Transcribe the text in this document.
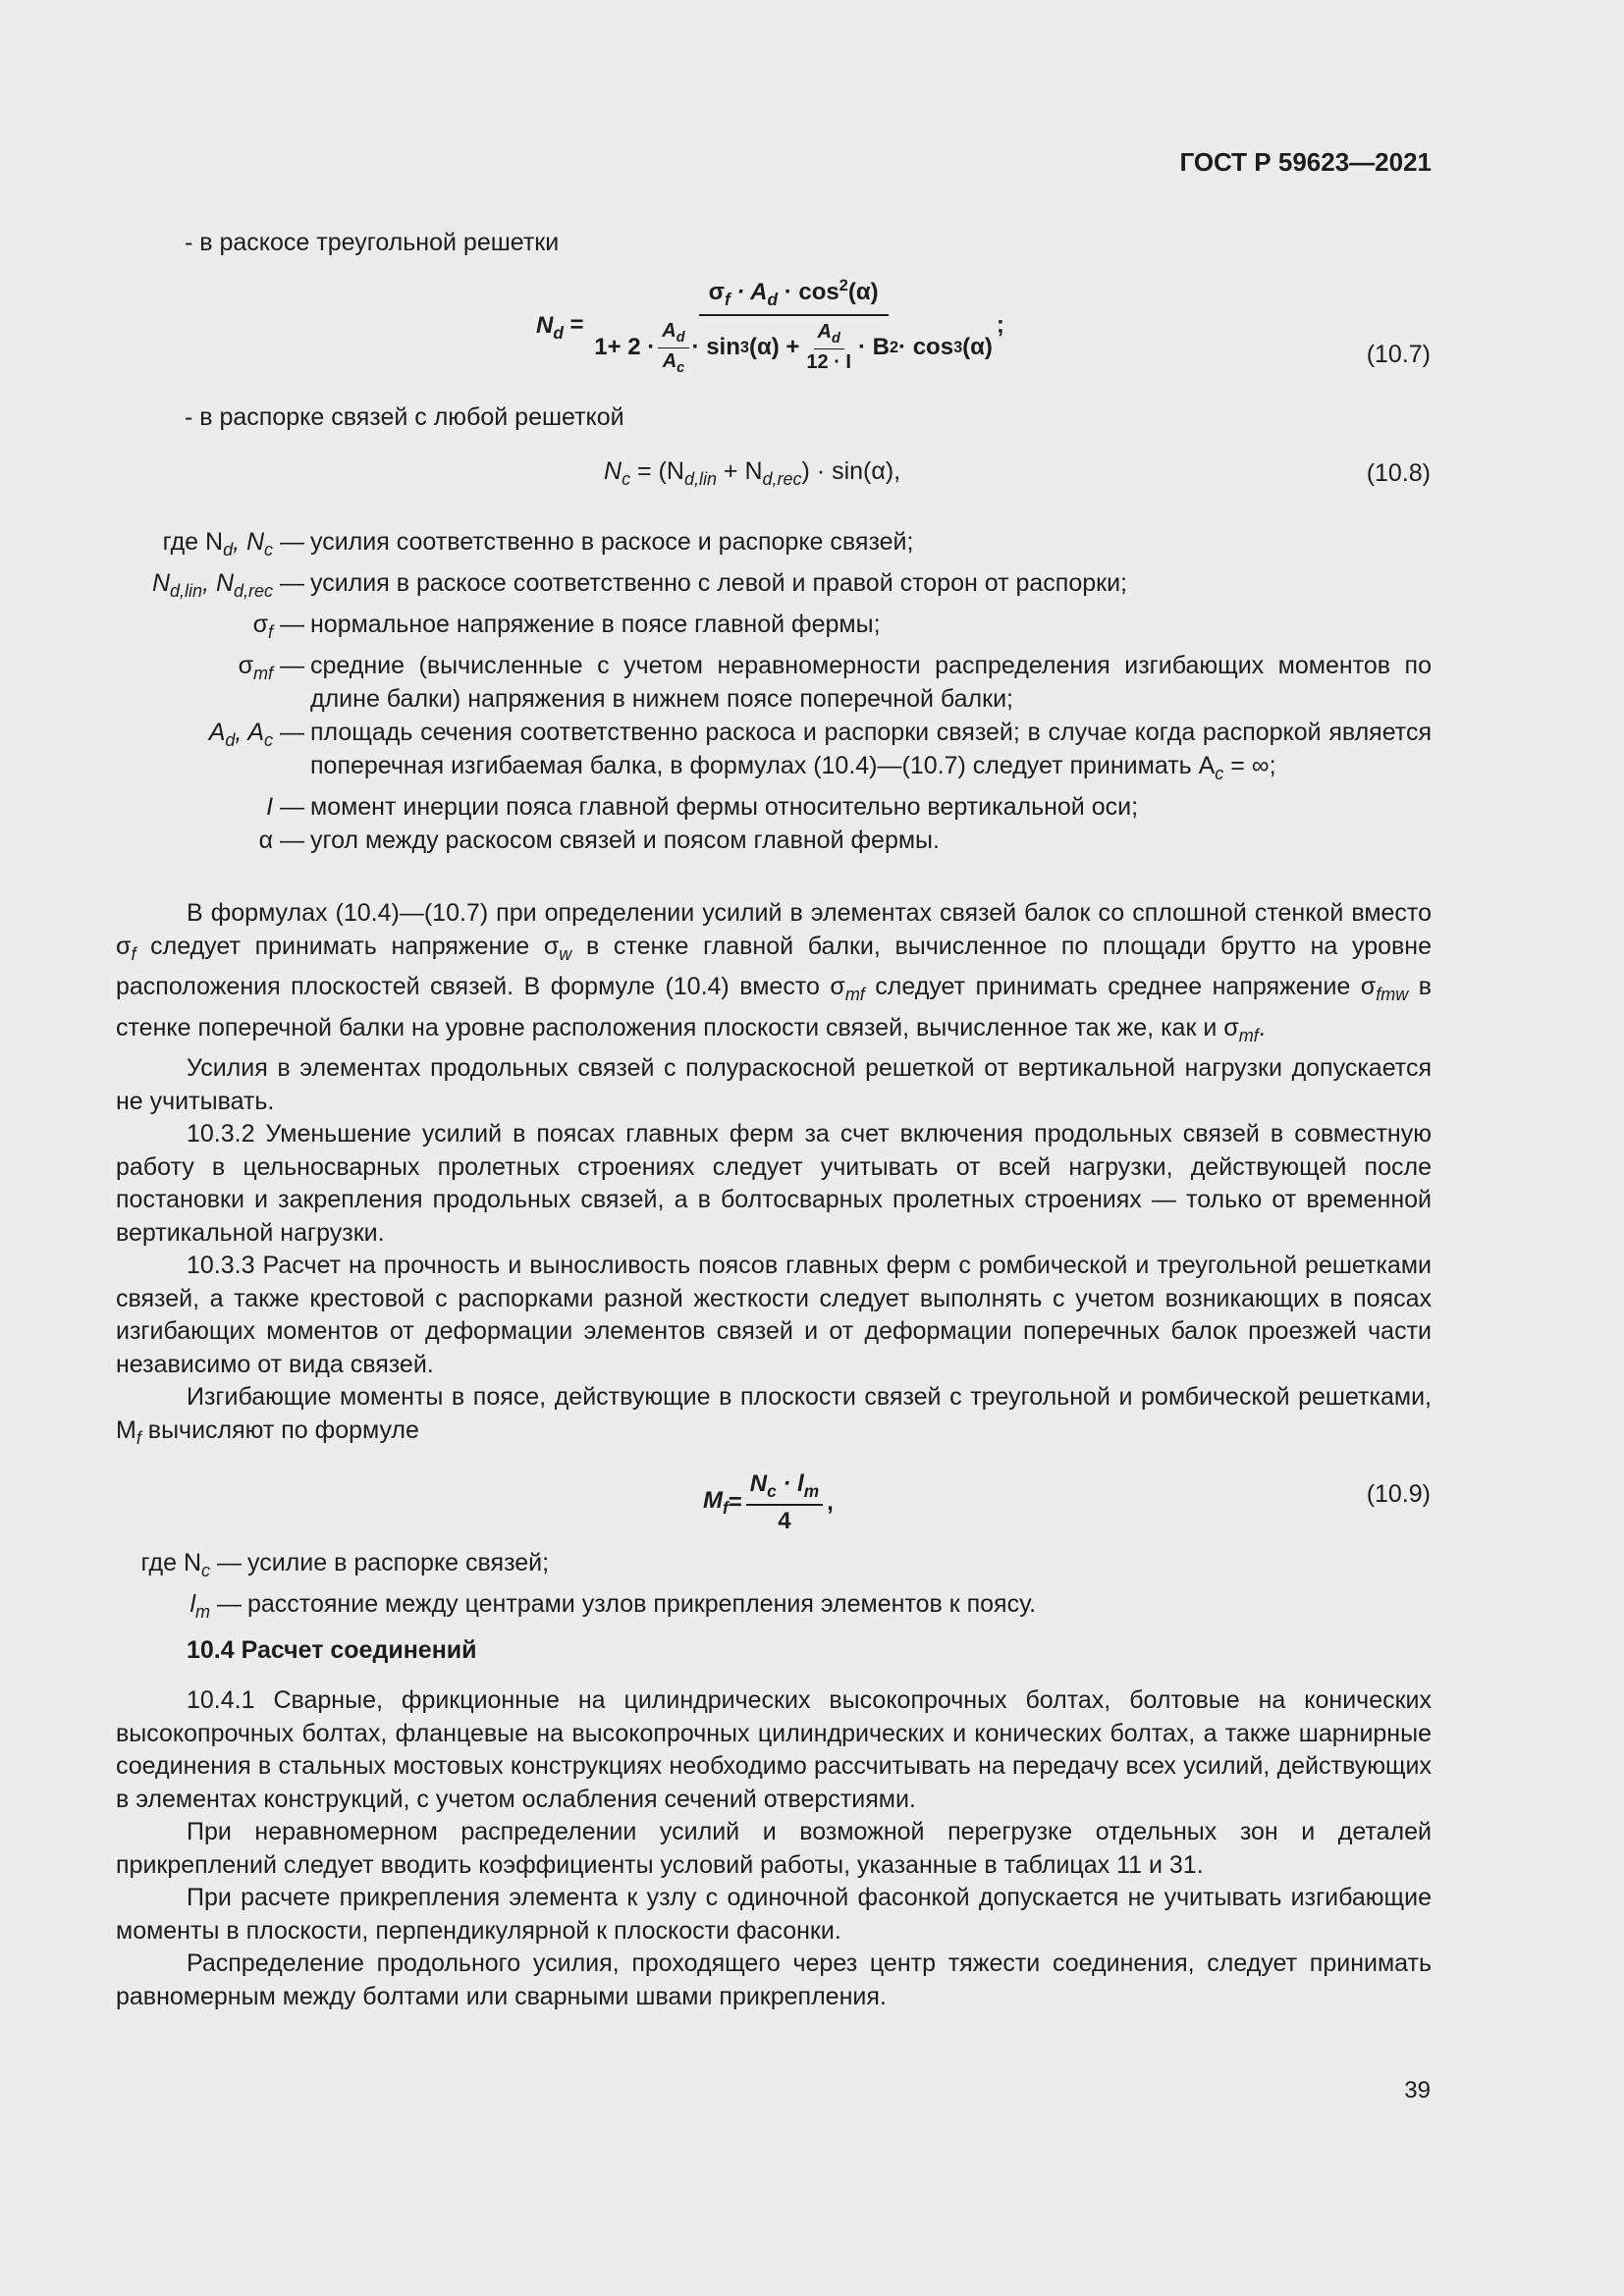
ГОСТ Р 59623—2021
- в раскосе треугольной решетки
$N_d$ =
$\sigma_f \cdot A_d \cdot \cos^2(\alpha)$
$1+ 2 \cdot \frac{A_d}{A_c} \cdot \sin 3$ $(\alpha) + \frac{A_d}{12 \cdot I} \cdot B$ 2 · cos 3 (α)
;
(10.7)
- в распорке связей с любой решеткой
$N_c = (N_{d,lin} + N_{d,rec}) \cdot \sin(\alpha)$,	(10.8)
где $N_d$, $N_c$ — усилия соответственно в раскосе и распорке связей;
$N_{d,lin}$, $N_{d,rec}$ — усилия в раскосе соответственно с левой и правой сторон от распорки;
$\sigma_f$ — нормальное напряжение в поясе главной фермы;
$\sigma_{mf}$ — средние (вычисленные с учетом неравномерности распределения изгибающих моментов по длине балки) напряжения в нижнем поясе поперечной балки;
$A_d$, $A_c$ — площадь сечения соответственно раскоса и распорки связей; в случае когда распоркой является поперечная изгибаемая балка, в формулах (10.4)—(10.7) следует принимать $A_c$ = ∞;
I — момент инерции пояса главной фермы относительно вертикальной оси;
α — угол между раскосом связей и поясом главной фермы.

В формулах (10.4)—(10.7) при определении усилий в элементах связей балок со сплошной стенкой вместо $\sigma_f$ следует принимать напряжение $\sigma_w$ в стенке главной балки, вычисленное по площади брутто на уровне расположения плоскостей связей. В формуле (10.4) вместо $\sigma_{mf}$ следует принимать среднее напряжение $\sigma_{fmw}$ в стенке поперечной балки на уровне расположения плоскости связей, вычисленное так же, как и $\sigma_{mf}$.

Усилия в элементах продольных связей с полураскосной решеткой от вертикальной нагрузки допускается не учитывать.

10.3.2 Уменьшение усилий в поясах главных ферм за счет включения продольных связей в совместную работу в цельносварных пролетных строениях следует учитывать от всей нагрузки, действующей после постановки и закрепления продольных связей, а в болтосварных пролетных строениях — только от временной вертикальной нагрузки.

10.3.3 Расчет на прочность и выносливость поясов главных ферм с ромбической и треугольной решетками связей, а также крестовой с распорками разной жесткости следует выполнять с учетом возникающих в поясах изгибающих моментов от деформации элементов связей и от деформации поперечных балок проезжей части независимо от вида связей.

Изгибающие моменты в поясе, действующие в плоскости связей с треугольной и ромбической решетками, $M_f$ вычисляют по формуле

$M_f = \frac{N_c \cdot l_m}{4}$ ,	(10.9)
где $N_c$ — усилие в распорке связей;
$l_m$ — расстояние между центрами узлов прикрепления элементов к поясу.
10.4 Расчет соединений

10.4.1 Сварные, фрикционные на цилиндрических высокопрочных болтах, болтовые на конических высокопрочных болтах, фланцевые на высокопрочных цилиндрических и конических болтах, а также шарнирные соединения в стальных мостовых конструкциях необходимо рассчитывать на передачу всех усилий, действующих в элементах конструкций, с учетом ослабления сечений отверстиями.

При неравномерном распределении усилий и возможной перегрузке отдельных зон и деталей прикреплений следует вводить коэффициенты условий работы, указанные в таблицах 11 и 31.

При расчете прикрепления элемента к узлу с одиночной фасонкой допускается не учитывать изгибающие моменты в плоскости, перпендикулярной к плоскости фасонки.

Распределение продольного усилия, проходящего через центр тяжести соединения, следует принимать равномерным между болтами или сварными швами прикрепления.

39
